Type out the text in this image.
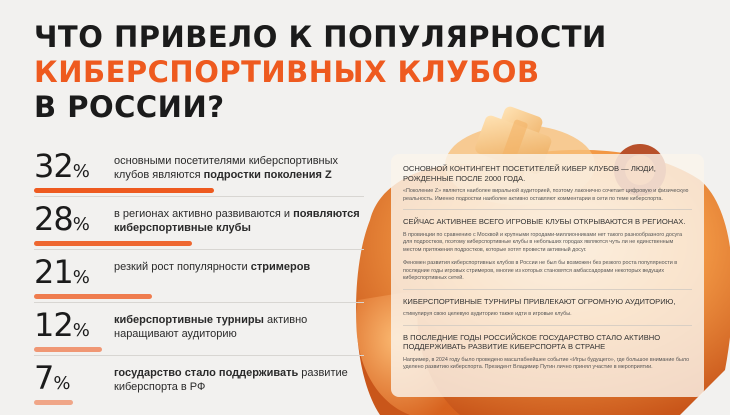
ЧТО ПРИВЕЛО К ПОПУЛЯРНОСТИ
КИБЕРСПОРТИВНЫХ КЛУБОВ
В РОССИИ?
32%	основными посетителями киберспортивных клубов являются подростки поколения Z
28%	в регионах активно развиваются и появляются киберспортивные клубы
21%	резкий рост популярности стримеров
12%	киберспортивные турниры активно наращивают аудиторию
7%	государство стало поддерживать развитие киберспорта в РФ
ОСНОВНОЙ КОНТИНГЕНТ ПОСЕТИТЕЛЕЙ КИБЕР КЛУБОВ — ЛЮДИ, РОЖДЕННЫЕ ПОСЛЕ 2000 ГОДА.
«Поколение Z» является наиболее виральной аудиторией, поэтому лаконично сочетает цифровую и физическую реальность. Именно подростки наиболее активно оставляют комментарии в сети по теме киберспорта.
СЕЙЧАС АКТИВНЕЕ ВСЕГО ИГРОВЫЕ КЛУБЫ ОТКРЫВАЮТСЯ В РЕГИОНАХ.
В провинции по сравнению с Москвой и крупными городами-миллионниками нет такого разнообразного досуга для подростков, поэтому киберспортивные клубы в небольших городах являются чуть ли не единственным местом притяжения подростков, которые хотят провести активный досуг.
Феномен развития киберспортивных клубов в России не был бы возможен без резкого роста популярности в последние годы игровых стримеров, многие из которых становятся амбассадорами некоторых ведущих киберспортивных сетей.
КИБЕРСПОРТИВНЫЕ ТУРНИРЫ ПРИВЛЕКАЮТ ОГРОМНУЮ АУДИТОРИЮ,
стимулируя свою целевую аудиторию также идти в игровые клубы.
В ПОСЛЕДНИЕ ГОДЫ РОССИЙСКОЕ ГОСУДАРСТВО СТАЛО АКТИВНО ПОДДЕРЖИВАТЬ РАЗВИТИЕ КИБЕРСПОРТА В СТРАНЕ
Например, в 2024 году было проведено масштабнейшее событие «Игры будущего», где большое внимание было уделено развитию киберспорта. Президент Владимир Путин лично принял участие в мероприятии.
